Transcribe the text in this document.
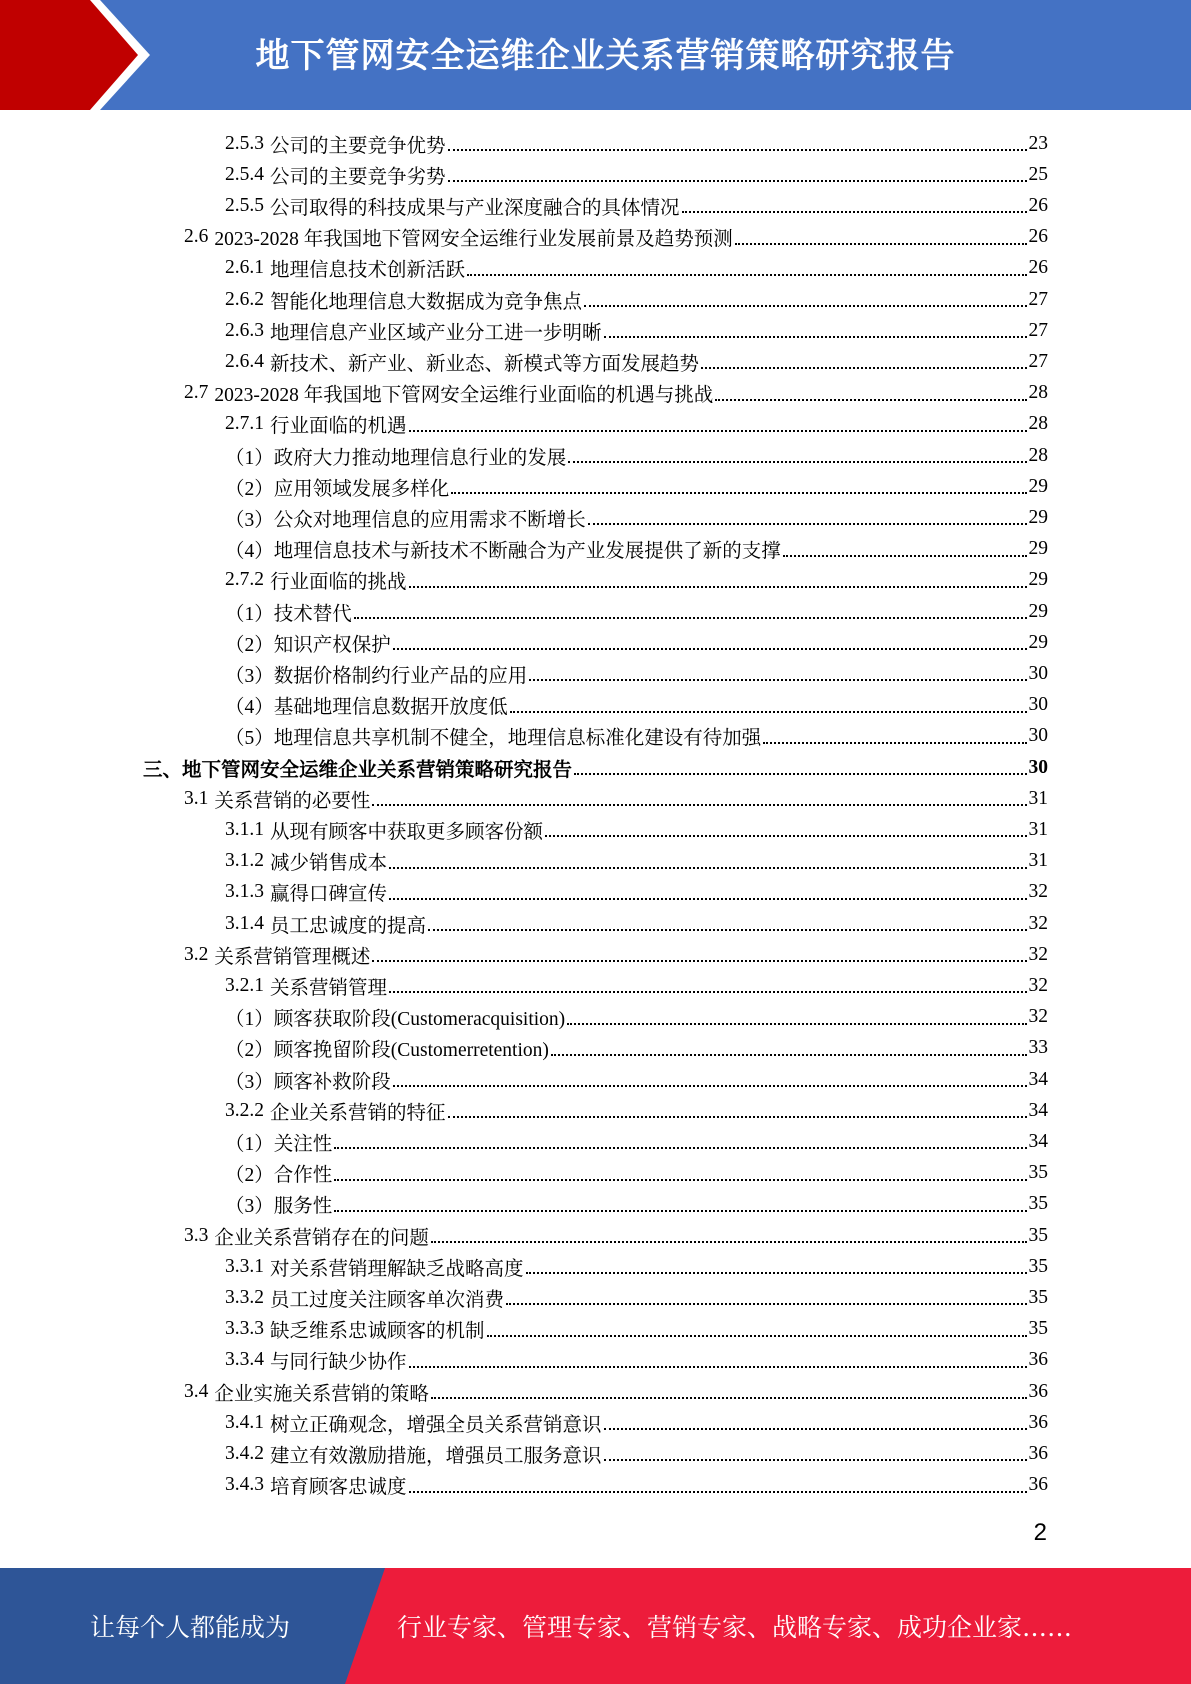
地下管网安全运维企业关系营销策略研究报告
2.5.3 公司的主要竞争优势	23
2.5.4 公司的主要竞争劣势	25
2.5.5 公司取得的科技成果与产业深度融合的具体情况	26
2.6 2023-2028 年我国地下管网安全运维行业发展前景及趋势预测	26
2.6.1 地理信息技术创新活跃	26
2.6.2 智能化地理信息大数据成为竞争焦点	27
2.6.3 地理信息产业区域产业分工进一步明晰	27
2.6.4 新技术、新产业、新业态、新模式等方面发展趋势	27
2.7 2023-2028 年我国地下管网安全运维行业面临的机遇与挑战	28
2.7.1 行业面临的机遇	28
（1） 政府大力推动地理信息行业的发展	28
（2） 应用领域发展多样化	29
（3） 公众对地理信息的应用需求不断增长	29
（4） 地理信息技术与新技术不断融合为产业发展提供了新的支撑	29
2.7.2 行业面临的挑战	29
（1） 技术替代	29
（2） 知识产权保护	29
（3） 数据价格制约行业产品的应用	30
（4） 基础地理信息数据开放度低	30
（5） 地理信息共享机制不健全，地理信息标准化建设有待加强	30
三、 地下管网安全运维企业关系营销策略研究报告	30
3.1 关系营销的必要性	31
3.1.1 从现有顾客中获取更多顾客份额	31
3.1.2 减少销售成本	31
3.1.3 赢得口碑宣传	32
3.1.4 员工忠诚度的提高	32
3.2 关系营销管理概述	32
3.2.1 关系营销管理	32
（1） 顾客获取阶段(Customeracquisition)	32
（2） 顾客挽留阶段(Customerretention)	33
（3） 顾客补救阶段	34
3.2.2 企业关系营销的特征	34
（1） 关注性	34
（2） 合作性	35
（3） 服务性	35
3.3 企业关系营销存在的问题	35
3.3.1 对关系营销理解缺乏战略高度	35
3.3.2 员工过度关注顾客单次消费	35
3.3.3 缺乏维系忠诚顾客的机制	35
3.3.4 与同行缺少协作	36
3.4 企业实施关系营销的策略	36
3.4.1 树立正确观念，增强全员关系营销意识	36
3.4.2 建立有效激励措施，增强员工服务意识	36
3.4.3 培育顾客忠诚度	36
2
让每个人都能成为	行业专家、管理专家、营销专家、战略专家、成功企业家……
